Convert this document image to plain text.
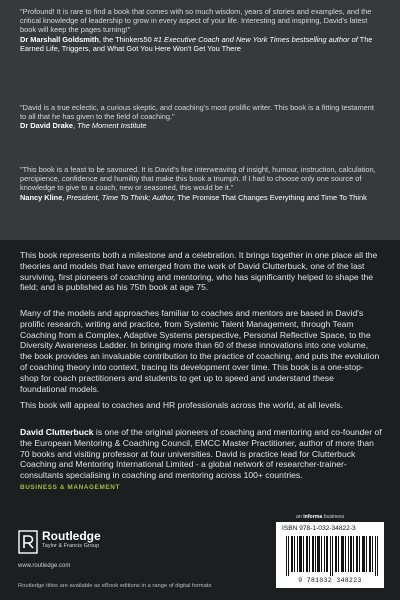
"Profound! It is rare to find a book that comes with so much wisdom, years of stories and examples, and the critical knowledge of leadership to grow in every aspect of your life. Interesting and inspiring, David's latest book will keep the pages turning!"

Dr Marshall Goldsmith, the Thinkers50 #1 Executive Coach and New York Times bestselling author of The Earned Life, Triggers, and What Got You Here Won't Get You There

"David is a true eclectic, a curious skeptic, and coaching's most prolific writer. This book is a fitting testament to all that he has given to the field of coaching."

Dr David Drake, The Moment Institute

"This book is a feast to be savoured. It is David's fine interweaving of insight, humour, instruction, calculation, percipience, confidence and humility that make this book a triumph. If I had to choose only one source of knowledge to give to a coach, new or seasoned, this would be it."

Nancy Kline, President, Time To Think; Author, The Promise That Changes Everything and Time To Think

This book represents both a milestone and a celebration. It brings together in one place all the theories and models that have emerged from the work of David Clutterbuck, one of the last surviving, first pioneers of coaching and mentoring, who has significantly helped to shape the field; and is published as his 75th book at age 75.

Many of the models and approaches familiar to coaches and mentors are based in David's prolific research, writing and practice, from Systemic Talent Management, through Team Coaching from a Complex, Adaptive Systems perspective, Personal Reflective Space, to the Diversity Awareness Ladder. In bringing more than 60 of these innovations into one volume, the book provides an invaluable contribution to the practice of coaching, and puts the evolution of coaching theory into context, tracing its development over time. This book is a one-stop-shop for coach practitioners and students to get up to speed and understand these foundational models.

This book will appeal to coaches and HR professionals across the world, at all levels.

David Clutterbuck is one of the original pioneers of coaching and mentoring and co-founder of the European Mentoring & Coaching Council, EMCC Master Practitioner, author of more than 70 books and visiting professor at four universities. David is practice lead for Clutterbuck Coaching and Mentoring International Limited - a global network of researcher-trainer-consultants specialising in coaching and mentoring across 100+ countries.

BUSINESS & MANAGEMENT
Routledge
Taylor & Francis Group
www.routledge.com
Routledge titles are available as eBook editions in a range of digital formats
an informa business
ISBN 978-1-032-34822-3
9 781032 348223
